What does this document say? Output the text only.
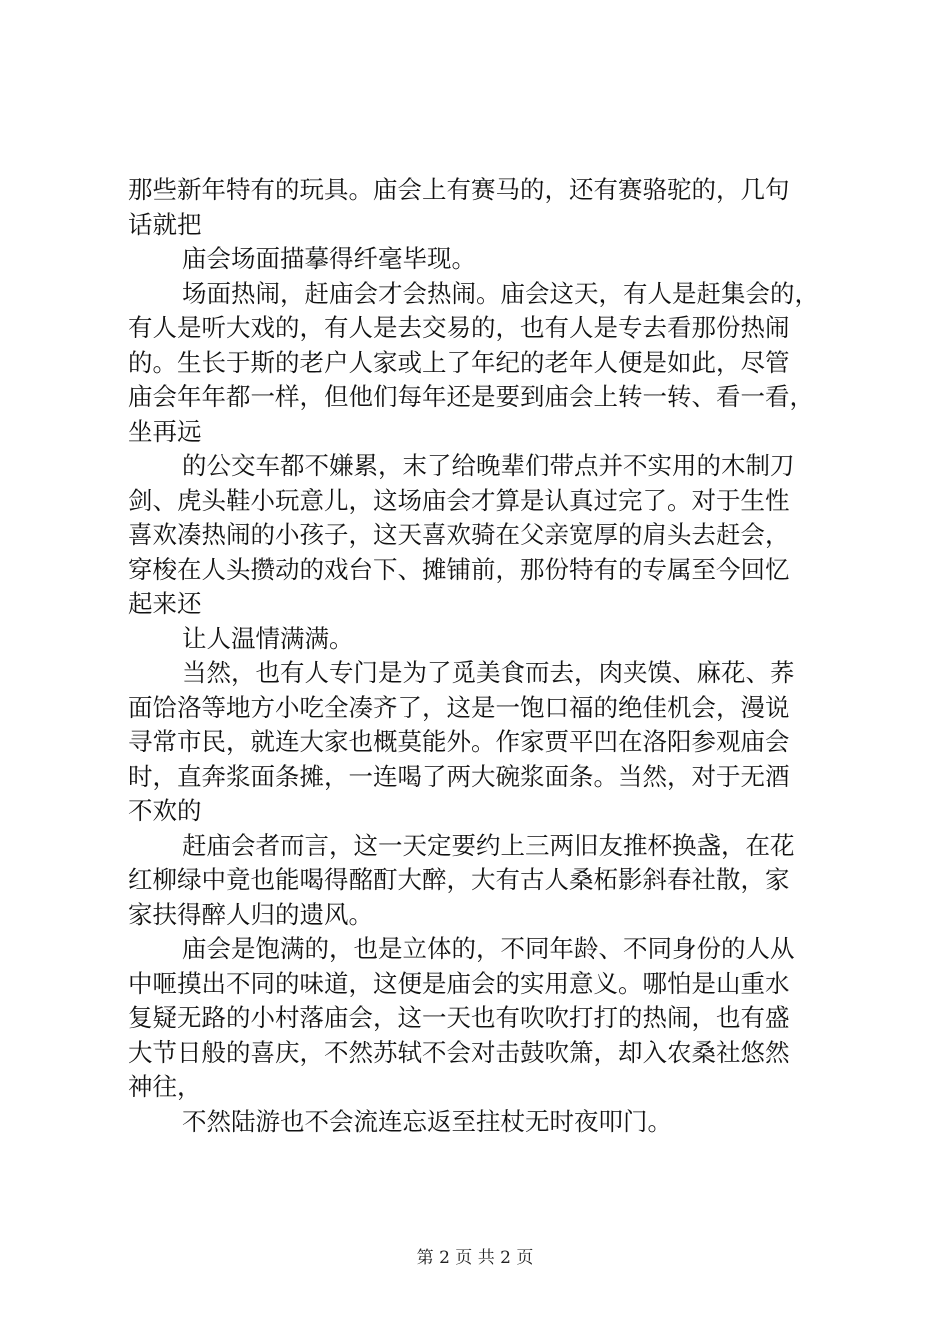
那些新年特有的玩具。庙会上有赛马的，还有赛骆驼的，几句
话就把
庙会场面描摹得纤毫毕现。
场面热闹，赶庙会才会热闹。庙会这天，有人是赶集会的，
有人是听大戏的，有人是去交易的，也有人是专去看那份热闹
的。生长于斯的老户人家或上了年纪的老年人便是如此，尽管
庙会年年都一样，但他们每年还是要到庙会上转一转、看一看，
坐再远
的公交车都不嫌累，末了给晚辈们带点并不实用的木制刀
剑、虎头鞋小玩意儿，这场庙会才算是认真过完了。对于生性
喜欢凑热闹的小孩子，这天喜欢骑在父亲宽厚的肩头去赶会，
穿梭在人头攒动的戏台下、摊铺前，那份特有的专属至今回忆
起来还
让人温情满满。
当然，也有人专门是为了觅美食而去，肉夹馍、麻花、荞
面饸洛等地方小吃全凑齐了，这是一饱口福的绝佳机会，漫说
寻常市民，就连大家也概莫能外。作家贾平凹在洛阳参观庙会
时，直奔浆面条摊，一连喝了两大碗浆面条。当然，对于无酒
不欢的
赶庙会者而言，这一天定要约上三两旧友推杯换盏，在花
红柳绿中竟也能喝得酩酊大醉，大有古人桑柘影斜春社散，家
家扶得醉人归的遗风。
庙会是饱满的，也是立体的，不同年龄、不同身份的人从
中咂摸出不同的味道，这便是庙会的实用意义。哪怕是山重水
复疑无路的小村落庙会，这一天也有吹吹打打的热闹，也有盛
大节日般的喜庆，不然苏轼不会对击鼓吹箫，却入农桑社悠然
神往，
不然陆游也不会流连忘返至拄杖无时夜叩门。
第 2 页 共 2 页
